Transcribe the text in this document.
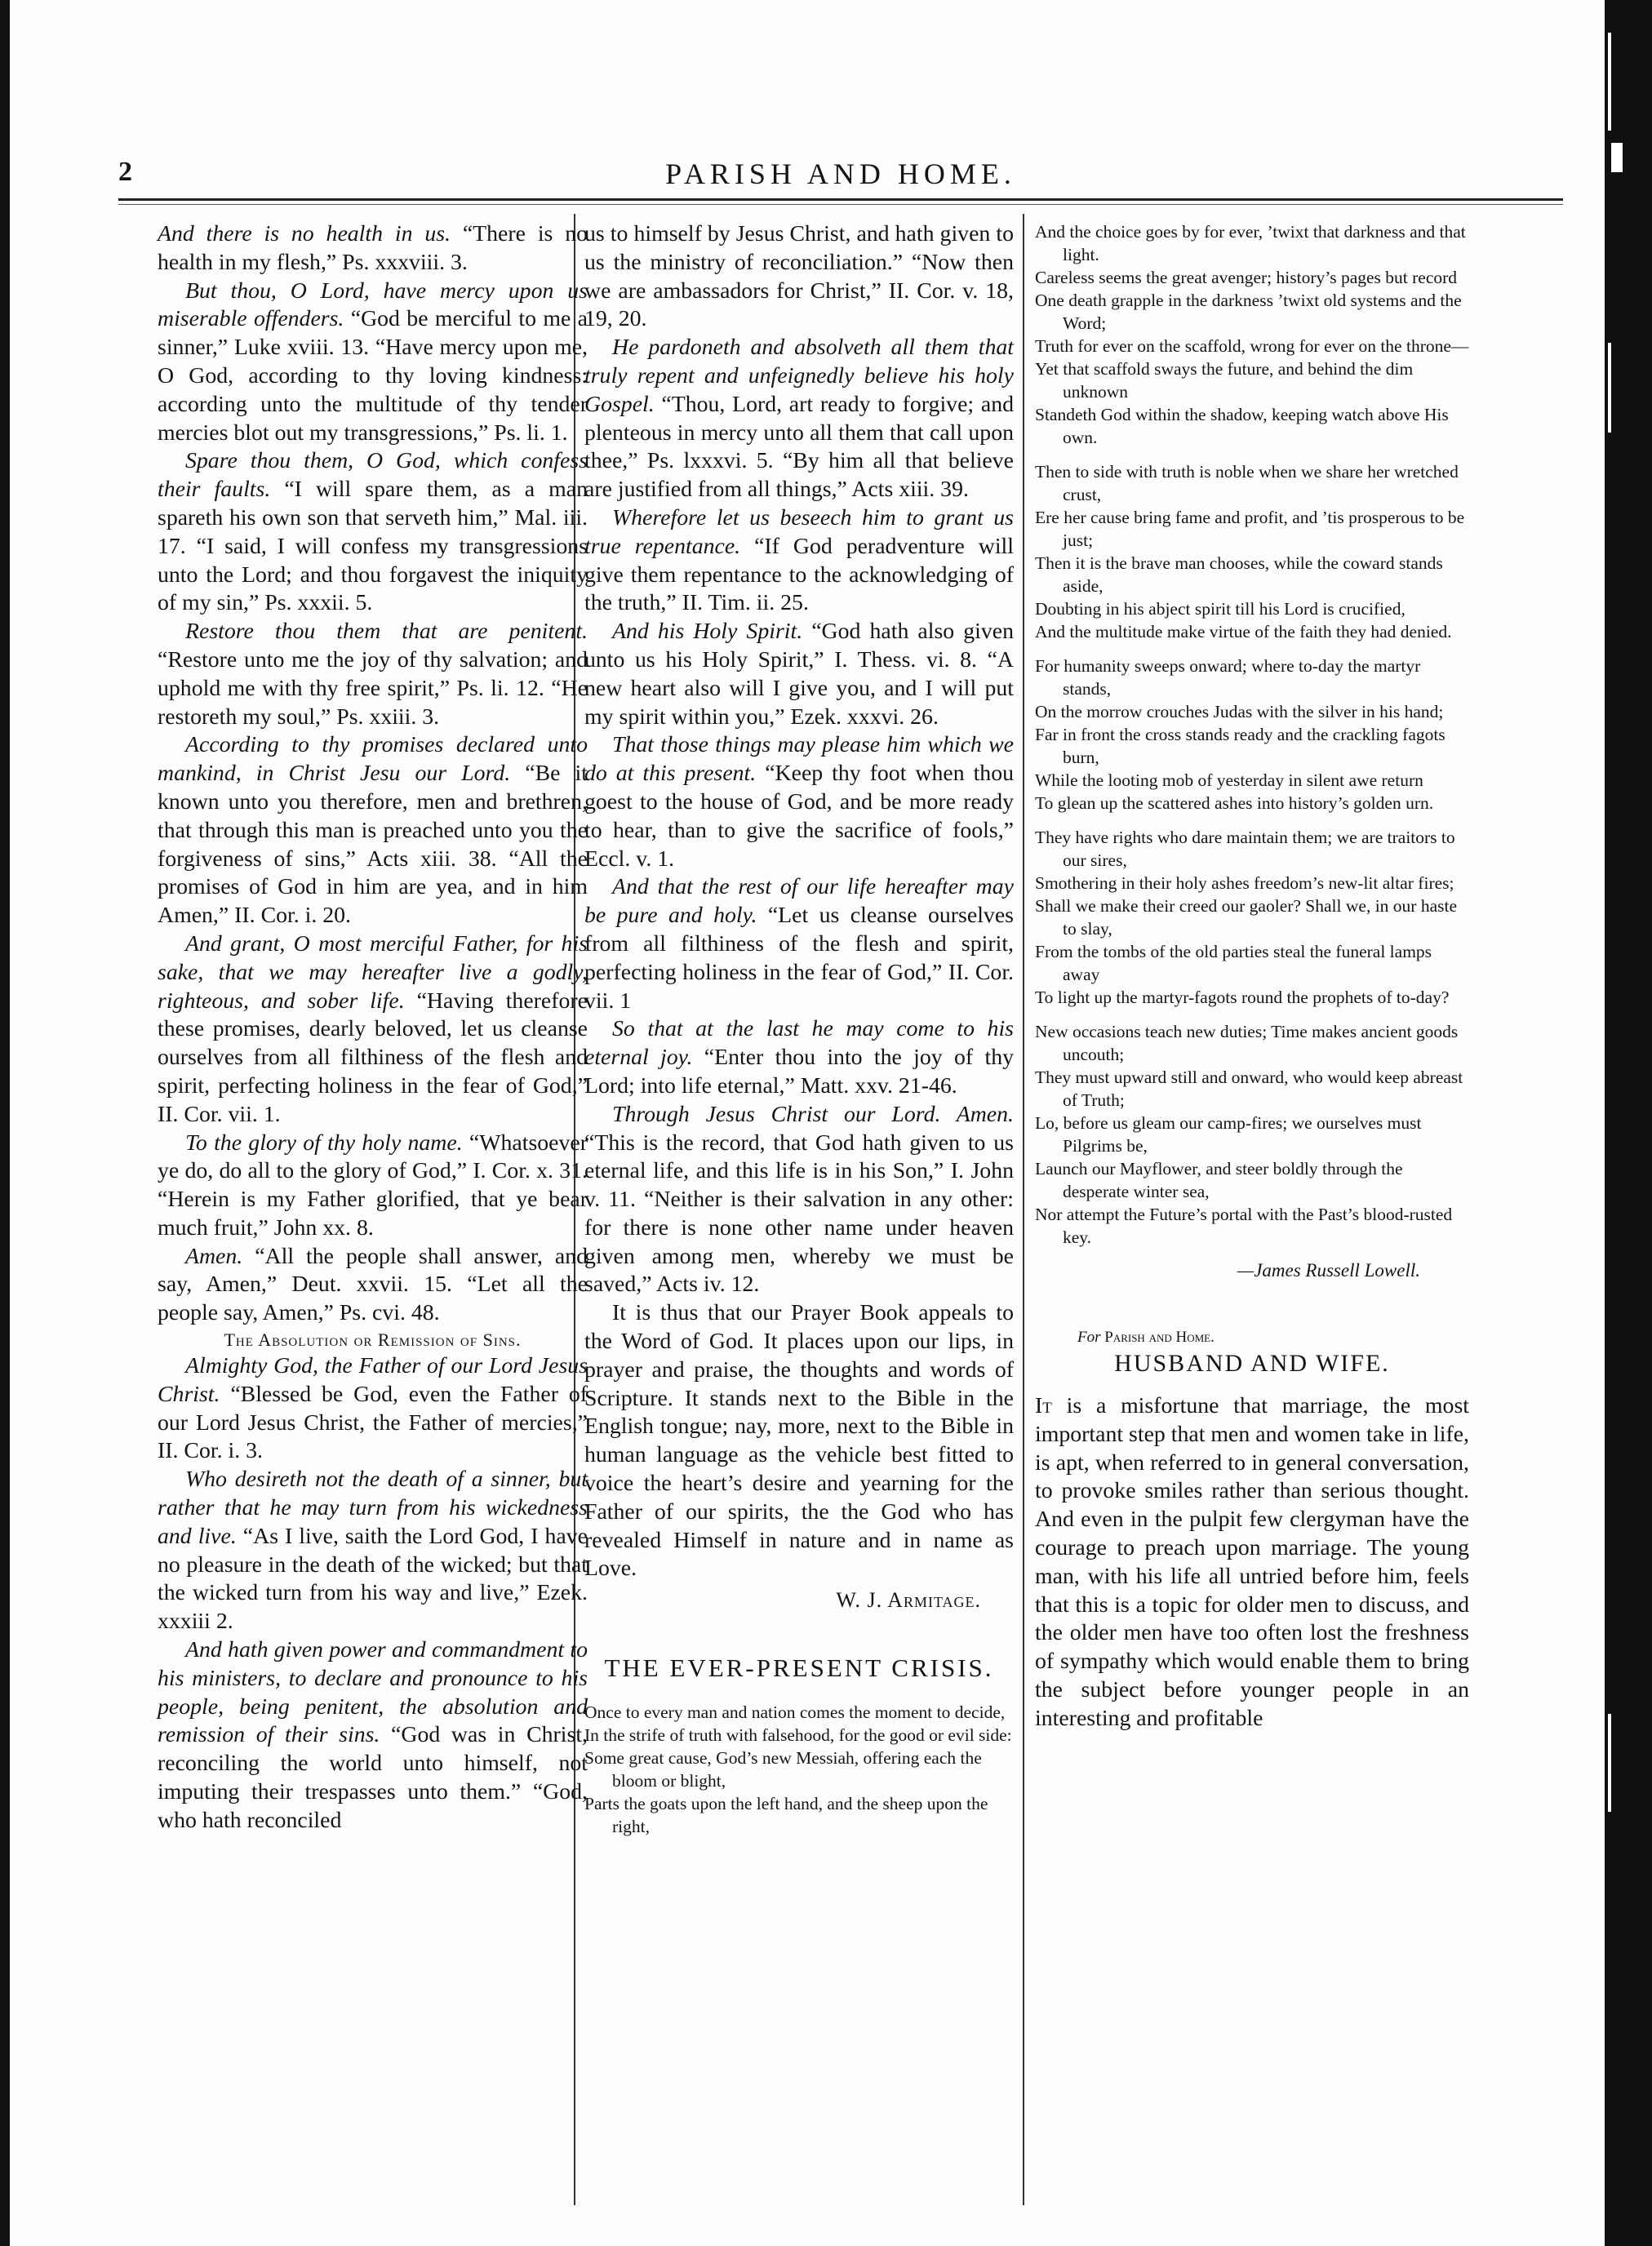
2	PARISH AND HOME.

And there is no health in us. “There is no health in my flesh,” Ps. xxxviii. 3.

But thou, O Lord, have mercy upon us miserable offenders. “God be merciful to me a sinner,” Luke xviii. 13. “Have mercy upon me, O God, according to thy loving kindness: according unto the multitude of thy tender mercies blot out my transgressions,” Ps. li. 1.

Spare thou them, O God, which confess their faults. “I will spare them, as a man spareth his own son that serveth him,” Mal. iii. 17. “I said, I will confess my transgressions unto the Lord; and thou forgavest the iniquity of my sin,” Ps. xxxii. 5.

Restore thou them that are penitent. “Restore unto me the joy of thy salvation; and uphold me with thy free spirit,” Ps. li. 12. “He restoreth my soul,” Ps. xxiii. 3.

According to thy promises declared unto mankind, in Christ Jesu our Lord. “Be it known unto you therefore, men and brethren, that through this man is preached unto you the forgiveness of sins,” Acts xiii. 38. “All the promises of God in him are yea, and in him Amen,” II. Cor. i. 20.

And grant, O most merciful Father, for his sake, that we may hereafter live a godly, righteous, and sober life. “Having therefore these promises, dearly beloved, let us cleanse ourselves from all filthiness of the flesh and spirit, perfecting holiness in the fear of God,” II. Cor. vii. 1.

To the glory of thy holy name. “Whatsoever ye do, do all to the glory of God,” I. Cor. x. 31. “Herein is my Father glorified, that ye bear much fruit,” John xx. 8.

Amen. “All the people shall answer, and say, Amen,” Deut. xxvii. 15. “Let all the people say, Amen,” Ps. cvi. 48.

The Absolution or Remission of Sins.

Almighty God, the Father of our Lord Jesus Christ. “Blessed be God, even the Father of our Lord Jesus Christ, the Father of mercies,” II. Cor. i. 3.

Who desireth not the death of a sinner, but rather that he may turn from his wickedness and live. “As I live, saith the Lord God, I have no pleasure in the death of the wicked; but that the wicked turn from his way and live,” Ezek. xxxiii 2.

And hath given power and commandment to his ministers, to declare and pronounce to his people, being penitent, the absolution and remission of their sins. “God was in Christ, reconciling the world unto himself, not imputing their trespasses unto them.” “God, who hath reconciled

us to himself by Jesus Christ, and hath given to us the ministry of reconciliation.” “Now then we are ambassadors for Christ,” II. Cor. v. 18, 19, 20.

He pardoneth and absolveth all them that truly repent and unfeignedly believe his holy Gospel. “Thou, Lord, art ready to forgive; and plenteous in mercy unto all them that call upon thee,” Ps. lxxxvi. 5. “By him all that believe are justified from all things,” Acts xiii. 39.

Wherefore let us beseech him to grant us true repentance. “If God peradventure will give them repentance to the acknowledging of the truth,” II. Tim. ii. 25.

And his Holy Spirit. “God hath also given unto us his Holy Spirit,” I. Thess. vi. 8. “A new heart also will I give you, and I will put my spirit within you,” Ezek. xxxvi. 26.

That those things may please him which we do at this present. “Keep thy foot when thou goest to the house of God, and be more ready to hear, than to give the sacrifice of fools,” Eccl. v. 1.

And that the rest of our life hereafter may be pure and holy. “Let us cleanse ourselves from all filthiness of the flesh and spirit, perfecting holiness in the fear of God,” II. Cor. vii. 1

So that at the last he may come to his eternal joy. “Enter thou into the joy of thy Lord; into life eternal,” Matt. xxv. 21-46.

Through Jesus Christ our Lord. Amen. “This is the record, that God hath given to us eternal life, and this life is in his Son,” I. John v. 11. “Neither is their salvation in any other: for there is none other name under heaven given among men, whereby we must be saved,” Acts iv. 12.

It is thus that our Prayer Book appeals to the Word of God. It places upon our lips, in prayer and praise, the thoughts and words of Scripture. It stands next to the Bible in the English tongue; nay, more, next to the Bible in human language as the vehicle best fitted to voice the heart’s desire and yearning for the Father of our spirits, the the God who has revealed Himself in nature and in name as Love.

W. J. Armitage.
THE EVER-PRESENT CRISIS.
Once to every man and nation comes the moment to decide,
In the strife of truth with falsehood, for the good or evil side:
Some great cause, God’s new Messiah, offering each the bloom or blight,
Parts the goats upon the left hand, and the sheep upon the right,
And the choice goes by for ever, ’twixt that darkness and that light.
Careless seems the great avenger; history’s pages but record
One death grapple in the darkness ’twixt old systems and the Word;
Truth for ever on the scaffold, wrong for ever on the throne—
Yet that scaffold sways the future, and behind the dim unknown
Standeth God within the shadow, keeping watch above His own.
Then to side with truth is noble when we share her wretched crust,
Ere her cause bring fame and profit, and ’tis prosperous to be just;
Then it is the brave man chooses, while the coward stands aside,
Doubting in his abject spirit till his Lord is crucified,
And the multitude make virtue of the faith they had denied.
For humanity sweeps onward; where to-day the martyr stands,
On the morrow crouches Judas with the silver in his hand;
Far in front the cross stands ready and the crackling fagots burn,
While the looting mob of yesterday in silent awe return
To glean up the scattered ashes into history’s golden urn.
They have rights who dare maintain them; we are traitors to our sires,
Smothering in their holy ashes freedom’s new-lit altar fires;
Shall we make their creed our gaoler? Shall we, in our haste to slay,
From the tombs of the old parties steal the funeral lamps away
To light up the martyr-fagots round the prophets of to-day?
New occasions teach new duties; Time makes ancient goods uncouth;
They must upward still and onward, who would keep abreast of Truth;
Lo, before us gleam our camp-fires; we ourselves must Pilgrims be,
Launch our Mayflower, and steer boldly through the desperate winter sea,
Nor attempt the Future’s portal with the Past’s blood-rusted key.
—James Russell Lowell.
For Parish and Home.
HUSBAND AND WIFE.

It is a misfortune that marriage, the most important step that men and women take in life, is apt, when referred to in general conversation, to provoke smiles rather than serious thought. And even in the pulpit few clergyman have the courage to preach upon marriage. The young man, with his life all untried before him, feels that this is a topic for older men to discuss, and the older men have too often lost the freshness of sympathy which would enable them to bring the subject before younger people in an interesting and profitable
